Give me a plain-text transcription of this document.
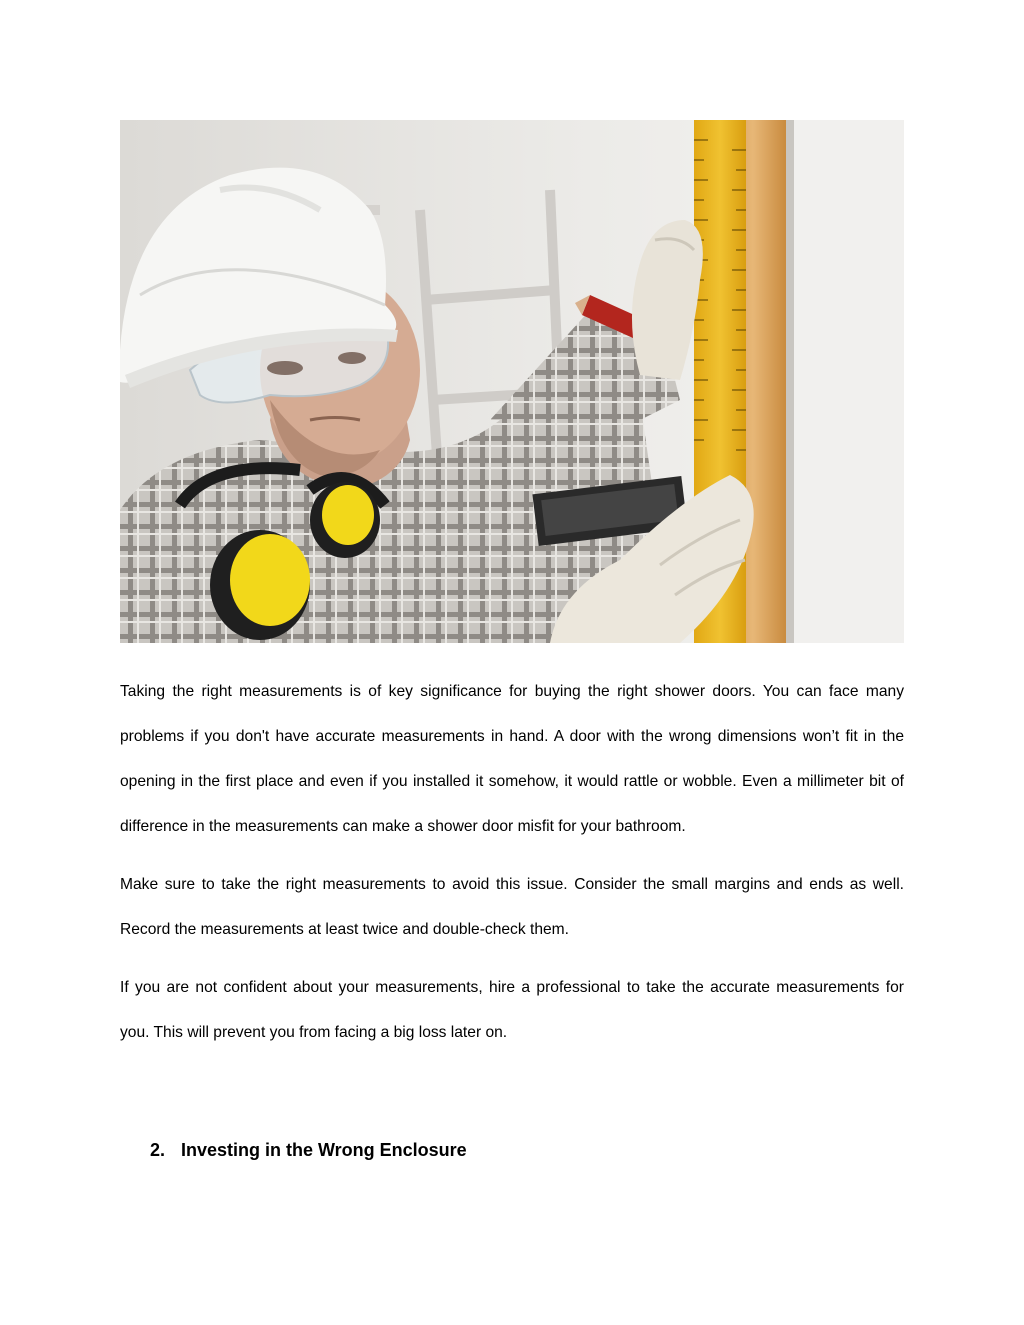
Taking the right measurements is of key significance for buying the right shower doors. You can face many problems if you don't have accurate measurements in hand. A door with the wrong dimensions won’t fit in the opening in the first place and even if you installed it somehow, it would rattle or wobble. Even a millimeter bit of difference in the measurements can make a shower door misfit for your bathroom.

Make sure to take the right measurements to avoid this issue. Consider the small margins and ends as well. Record the measurements at least twice and double-check them.

If you are not confident about your measurements, hire a professional to take the accurate measurements for you. This will prevent you from facing a big loss later on.

2. Investing in the Wrong Enclosure
